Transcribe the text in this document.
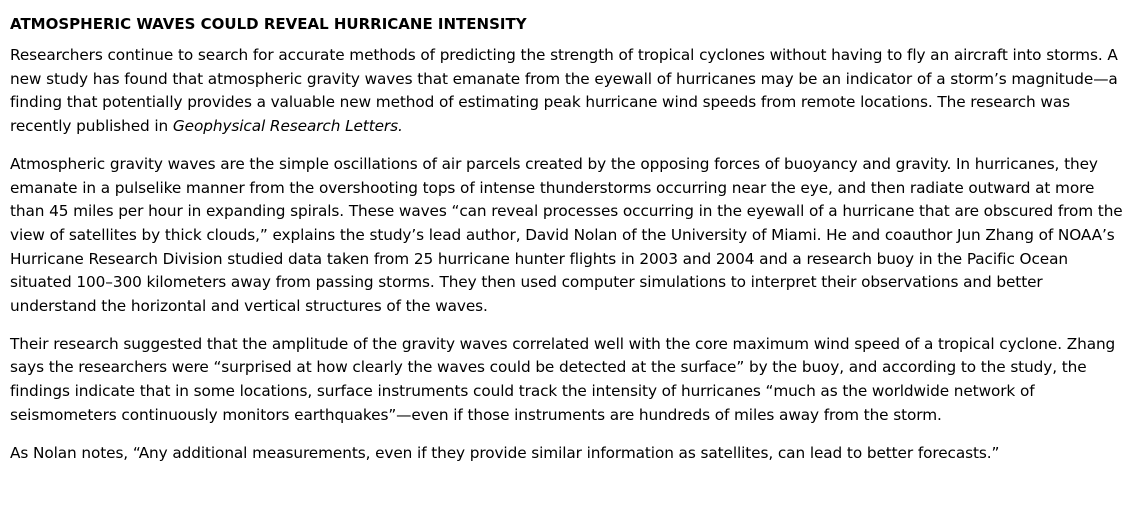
ATMOSPHERIC WAVES COULD REVEAL HURRICANE INTENSITY

Researchers continue to search for accurate methods of predicting the strength of tropical cyclones without having to fly an aircraft into storms. A new study has found that atmospheric gravity waves that emanate from the eyewall of hurricanes may be an indicator of a storm’s magnitude—a finding that potentially provides a valuable new method of estimating peak hurricane wind speeds from remote locations. The research was recently published in Geophysical Research Letters.

Atmospheric gravity waves are the simple oscillations of air parcels created by the opposing forces of buoyancy and gravity. In hurricanes, they emanate in a pulselike manner from the overshooting tops of intense thunderstorms occurring near the eye, and then radiate outward at more than 45 miles per hour in expanding spirals. These waves “can reveal processes occurring in the eyewall of a hurricane that are obscured from the view of satellites by thick clouds,” explains the study’s lead author, David Nolan of the University of Miami. He and coauthor Jun Zhang of NOAA’s Hurricane Research Division studied data taken from 25 hurricane hunter flights in 2003 and 2004 and a research buoy in the Pacific Ocean situated 100–300 kilometers away from passing storms. They then used computer simulations to interpret their observations and better understand the horizontal and vertical structures of the waves.

Their research suggested that the amplitude of the gravity waves correlated well with the core maximum wind speed of a tropical cyclone. Zhang says the researchers were “surprised at how clearly the waves could be detected at the surface” by the buoy, and according to the study, the findings indicate that in some locations, surface instruments could track the intensity of hurricanes “much as the worldwide network of seismometers continuously monitors earthquakes”—even if those instruments are hundreds of miles away from the storm.

As Nolan notes, “Any additional measurements, even if they provide similar information as satellites, can lead to better forecasts.”
